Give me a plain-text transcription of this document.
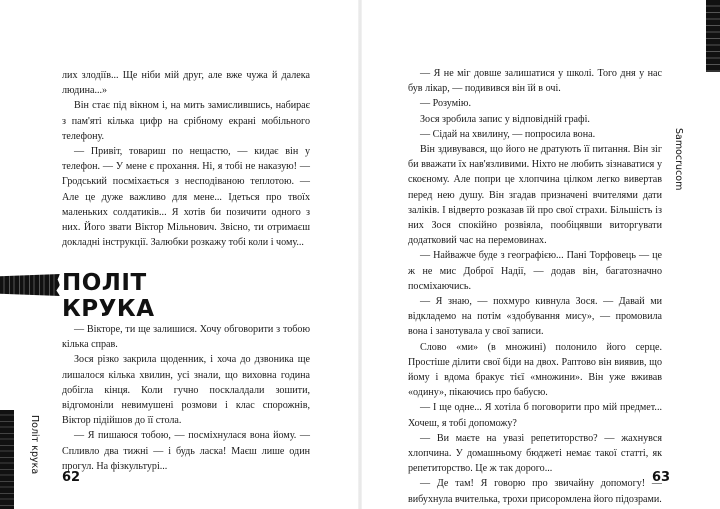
Політ крука

лих злодіїв... Ще ніби мій друг, але вже чужа й далека людина...»

Він стає під вікном і, на мить замислившись, набирає з пам'яті кілька цифр на срібному екрані мобільного телефону.

— Привіт, товариш по нещастю, — кидає він у телефон. — У мене є прохання. Ні, я тобі не наказую! — Гродський посміхається з несподіваною теплотою. — Але це дуже важливо для мене... Ідеться про твоїх маленьких солдатиків... Я хотів би позичити одного з них. Його звати Віктор Мільнович. Звісно, ти отримаєш докладні інструкції. Залюбки розкажу тобі коли і чому...

ПОЛІТ КРУКА

— Вікторе, ти ще залишися. Хочу обговорити з тобою кілька справ.

Зося різко закрила щоденник, і хоча до дзвоника ще лишалося кілька хвилин, усі знали, що виховна година добігла кінця. Коли гучно посклалдали зошити, відгомоніли невимушені розмови і клас спорожнів, Віктор підійшов до її стола.

— Я пишаюся тобою, — посміхнулася вона йому. — Спливло два тижні — і будь ласка! Маєш лише один прогул. На фізкультурі...

62
Samocrucom

— Я не міг довше залишатися у школі. Того дня у нас був лікар, — подивився він їй в очі.

— Розумію.

Зося зробила запис у відповідній графі.

— Сідай на хвилину, — попросила вона.

Він здивувався, що його не дратують її питання. Він зіг би вважати їх нав'язливими. Ніхто не любить зізнаватися у скоєному. Але попри це хлопчина цілком легко вивертав перед нею душу. Він згадав призначені вчителями дати заліків. І відверто розказав їй про свої страхи. Більшість із них Зося спокійно розвіяла, пообіцявши виторгувати додатковий час на перемовинах.

— Найважче буде з географією... Пані Торфовець — це ж не мис Доброї Надії, — додав він, багатозначно посміхаючись.

— Я знаю, — похмуро кивнула Зося. — Давай ми відкладемо на потім «здобування мису», — промовила вона і занотувала у свої записи.

Слово «ми» (в множині) полонило його серце. Простіше ділити свої біди на двох. Раптово він виявив, що йому і вдома бракує тієї «множини». Він уже вживав «одину», пікаючись про бабусю.

— І ще одне... Я хотіла б поговорити про мій предмет... Хочеш, я тобі допоможу?

— Ви маєте на увазі репетиторство? — жахнувся хлопчина. У домашньому бюджеті немає такої статті, як репетиторство. Це ж так дорого...

— Де там! Я говорю про звичайну допомогу! — вибухнула вчителька, трохи присоромлена його підозрами.

63
